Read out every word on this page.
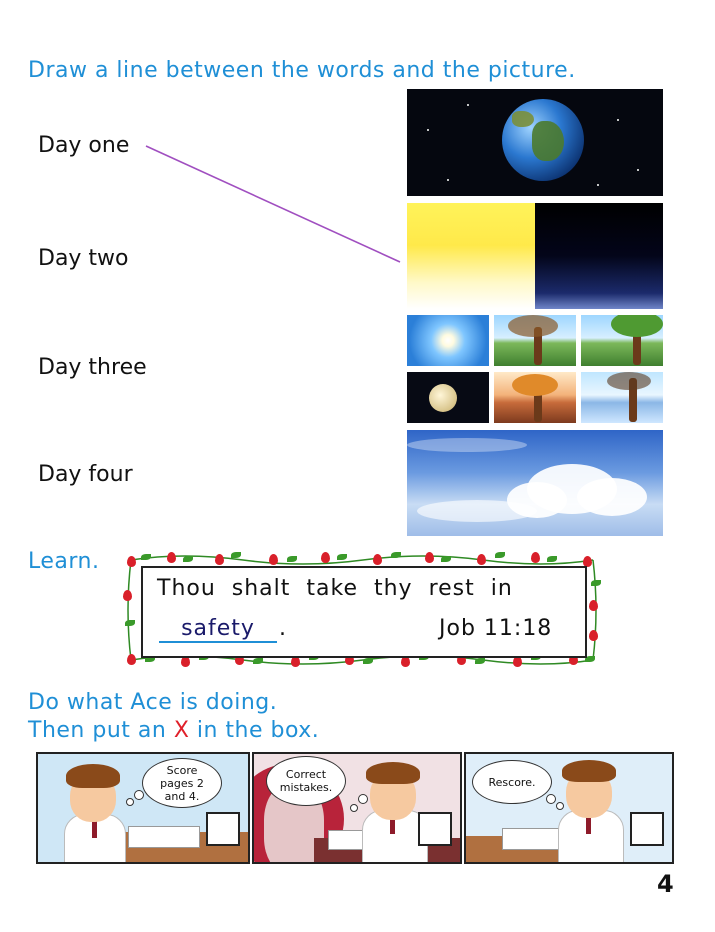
Draw a line between the words and the picture.
Day one
Day two
Day three
Day four
Learn.
Thou shalt take thy rest in
safety	.	Job 11:18
Do what Ace is doing.
Then put an X in the box.
Score pages 2 and 4.
Correct mistakes.	Rescore.
4
